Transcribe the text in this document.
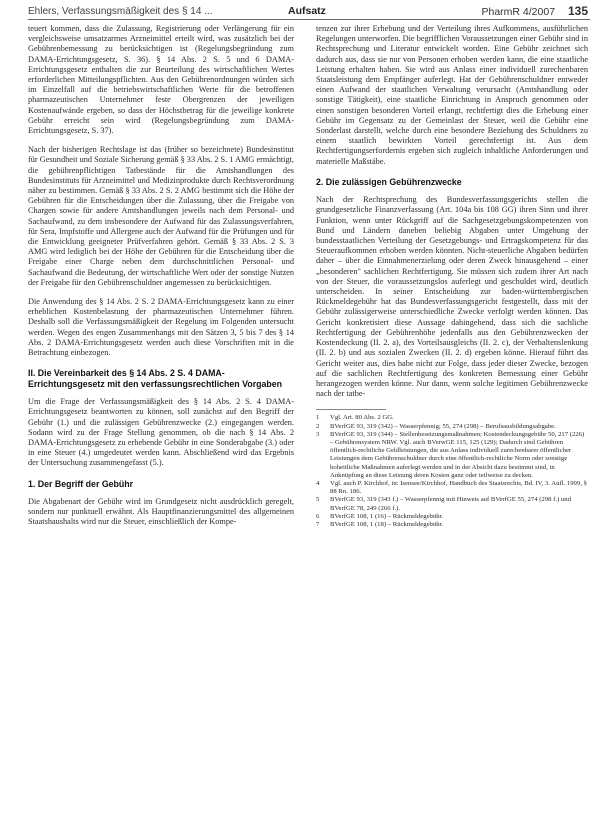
Ehlers, Verfassungsmäßigkeit des § 14 ...	Aufsatz	PharmR 4/2007 135

teuert kommen, dass die Zulassung, Registrierung oder Verlängerung für ein vergleichsweise umsatzarmes Arzneimittel erteilt wird, was zusätzlich bei der Gebührenbemessung zu berücksichtigen ist (Regelungsbegründung zum DAMA-Errichtungsgesetz, S. 36). § 14 Abs. 2 S. 5 und 6 DAMA-Errichtungsgesetz enthalten die zur Beurteilung des wirtschaftlichen Wertes erforderlichen Mitteilungspflichten. Aus den Gebührenordnungen würden sich im Einzelfall auf die betriebswirtschaftlichen Werte für die betroffenen pharmazeutischen Unternehmer feste Obergrenzen der jeweiligen Kostenaufwände ergeben, so dass der Höchstbetrag für die jeweilige konkrete Gebühr erreicht sein wird (Regelungsbegründung zum DAMA-Errichtungsgesetz, S. 37).

Nach der bisherigen Rechtslage ist das (früher so bezeichnete) Bundesinstitut für Gesundheit und Soziale Sicherung gemäß § 33 Abs. 2 S. 1 AMG ermächtigt, die gebührenpflichtigen Tatbestände für die Amtshandlungen des Bundesinstituts für Arzneimittel und Medizinprodukte durch Rechtsverordnung näher zu bestimmen. Gemäß § 33 Abs. 2 S. 2 AMG bestimmt sich die Höhe der Gebühren für die Entscheidungen über die Zulassung, über die Freigabe von Chargen sowie für andere Amtshandlungen jeweils nach dem Personal- und Sachaufwand, zu dem insbesondere der Aufwand für das Zulassungsverfahren, für Sera, Impfstoffe und Allergene auch der Aufwand für die Prüfungen und für die Entwicklung geeigneter Prüfverfahren gehört. Gemäß § 33 Abs. 2 S. 3 AMG wird lediglich bei der Höhe der Gebühren für die Entscheidung über die Freigabe einer Charge neben dem durchschnittlichen Personal- und Sachaufwand die Bedeutung, der wirtschaftliche Wert oder der sonstige Nutzen der Freigabe für den Gebührenschuldner angemessen zu berücksichtigen.

Die Anwendung des § 14 Abs. 2 S. 2 DAMA-Errichtungsgesetz kann zu einer erheblichen Kostenbelastung der pharmazeutischen Unternehmer führen. Deshalb soll die Verfassungsmäßigkeit der Regelung im Folgenden untersucht werden. Wegen des engen Zusammenhangs mit den Sätzen 3, 5 bis 7 des § 14 Abs. 2 DAMA-Errichtungsgesetz werden auch diese Vorschriften mit in die Betrachtung einbezogen.

II. Die Vereinbarkeit des § 14 Abs. 2 S. 4 DAMA-Errichtungsgesetz mit den verfassungsrechtlichen Vorgaben

Um die Frage der Verfassungsmäßigkeit des § 14 Abs. 2 S. 4 DAMA-Errichtungsgesetz beantworten zu können, soll zunächst auf den Begriff der Gebühr (1.) und die zulässigen Gebührenzwecke (2.) eingegangen werden. Sodann wird zu der Frage Stellung genommen, ob die nach § 14 Abs. 2 DAMA-Errichtungsgesetz zu erhebende Gebühr in eine Sonderabgabe (3.) oder in eine Steuer (4.) umgedeutet werden kann. Abschließend wird das Ergebnis der Untersuchung zusammengefasst (5.).

1. Der Begriff der Gebühr

Die Abgabenart der Gebühr wird im Grundgesetz nicht ausdrücklich geregelt, sondern nur punktuell erwähnt. Als Hauptfinanzierungsmittel des allgemeinen Staatshaushalts wird nur die Steuer, einschließlich der Kompe-

tenzen zur ihrer Erhebung und der Verteilung ihres Aufkommens, ausführlichen Regelungen unterworfen. Die begrifflichen Voraussetzungen einer Gebühr sind in Rechtsprechung und Literatur entwickelt worden. Eine Gebühr zeichnet sich dadurch aus, dass sie nur von Personen erhoben werden kann, die eine staatliche Leistung erhalten haben. Sie wird aus Anlass einer individuell zurechenbaren Staatsleistung dem Empfänger auferlegt. Hat der Gebührenschuldner entweder einen Aufwand der staatlichen Verwaltung verursacht (Amtshandlung oder sonstige Tätigkeit), eine staatliche Einrichtung in Anspruch genommen oder einen sonstigen besonderen Vorteil erlangt, rechtfertigt dies die Erhebung einer Gebühr im Gegensatz zu der Gemeinlast der Steuer, weil die Gebühr eine Sonderlast darstellt, welche durch eine besondere Beziehung des Schuldners zu einem staatlich bewirkten Vorteil gerechtfertigt ist. Aus dem Rechtfertigungserfordernis ergeben sich zugleich inhaltliche Anforderungen und materielle Maßstäbe.

2. Die zulässigen Gebührenzwecke

Nach der Rechtsprechung des Bundesverfassungsgerichts stellen die grundgesetzliche Finanzverfassung (Art. 104a bis 108 GG) ihren Sinn und ihrer Funktion, wenn unter Rückgriff auf die Sachgesetzgebungskompetenzen von Bund und Ländern daneben beliebig Abgaben unter Umgehung der bundesstaatlichen Verteilung der Gesetzgebungs- und Ertragskompetenz für das Steueraufkommen erhoben werden könnten. Nicht-steuerliche Abgaben bedürfen daher – über die Einnahmenerzielung oder deren Zweck hinausgehend – einer „besonderen" sachlichen Rechtfertigung. Sie müssen sich zudem ihrer Art nach von der Steuer, die voraussetzungslos auferlegt und geschuldet wird, deutlich unterscheiden. In seiner Entscheidung zur baden-württembergischen Rückmeldegebühr hat das Bundesverfassungsgericht festgestellt, dass mit der Gebühr zulässigerweise unterschiedliche Zwecke verfolgt werden können. Das Gericht konkretisiert diese Aussage dahingehend, dass sich die sachliche Rechtfertigung der Gebührenhöhe jedenfalls aus den Gebührenzwecken der Kostendeckung (II. 2. a), des Vorteilsausgleichs (II. 2. c), der Verhaltenslenkung (II. 2. b) und aus sozialen Zwecken (II. 2. d) ergeben könne. Hierauf führt das Gericht weiter aus, dies habe nicht zur Folge, dass jeder dieser Zwecke, bezogen auf die sachlichen Rechtfertigung des konkreten Bemessung einer Gebühr herangezogen werden könne. Nur dann, wenn solche legitimen Gebührenzwecke nach der tatbe-

1	Vgl. Art. 80 Abs. 2 GG.
2	BVerfGE 93, 319 (342) – Wasserpfennig; 55, 274 (298) – Berufsausbildungsabgabe.
3	BVerfGE 93, 319 (344) – Stellenbesetzungsmaßnahmen; Kostendeckungsgebühr 50, 217 (226) – Gebührensystem NRW. Vgl. auch BVerwGE 115, 125 (129); Dadurch sind Gebühren öffentlich-rechtliche Geldleistungen, die aus Anlass individuell zurechenbarer öffentlicher Leistungen dem Gebührenschuldner durch eine öffentlich-rechtliche Norm oder sonstige hoheitliche Maßnahmen auferlegt werden und in der Absicht dazu bestimmt sind, in Anknüpfung an diese Leistung deren Kosten ganz oder teilweise zu decken.
4	Vgl. auch P. Kirchhof, in: Isensee/Kirchhof, Handbuch des Staatsrechts, Bd. IV, 3. Aufl. 1999, § 88 Rn. 186.
5	BVerfGE 93, 319 (343 f.) – Wasserpfennig mit Hinweis auf BVerfGE 55, 274 (298 f.) und BVerfGE 78, 249 (266 f.).
6	BVerfGE 108, 1 (16) – Rückmeldegebühr.
7	BVerfGE 108, 1 (18) – Rückmeldegebühr.
